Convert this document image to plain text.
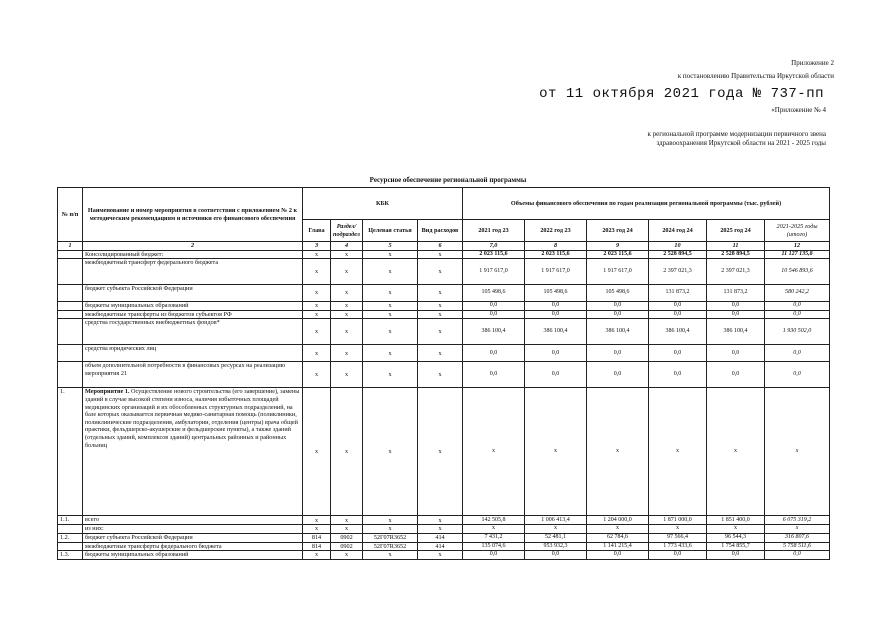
Приложение 2
к постановлению Правительства Иркутской области
от 11 октября 2021 года № 737-пп
«Приложение № 4
к региональной программе модернизации первичного звена здравоохранения Иркутской области на 2021 - 2025 годы
Ресурсное обеспечение региональной программы
№ п/п	Наименование и номер мероприятия в соответствии с приложением № 2 к методическим рекомендациям и источники его финансового обеспечения	КБК				Объемы финансового обеспечения по годам реализации региональной программы (тыс. рублей)					
		Глава	Раздел/ подраздел	Целевая статья	Вид расходов	2021 год 23	2022 год 23	2023 год 24	2024 год 24	2025 год 24	2021-2025 годы (итого)
1	2	3	4	5	6	7,0	8	9	10	11	12
	Консолидированный бюджет:	x	x	x	x	2 023 115,6	2 023 115,6	2 023 115,6	2 528 894,5	2 528 894,5	11 127 135,8
	межбюджетный трансферт федерального бюджета	x	x	x	x	1 917 617,0	1 917 617,0	1 917 617,0	2 397 021,3	2 397 021,3	10 546 893,6
	бюджет субъекта Российской Федерации	x	x	x	x	105 498,6	105 498,6	105 498,6	131 873,2	131 873,2	580 242,2
	бюджеты муниципальных образований	x	x	x	x	0,0	0,0	0,0	0,0	0,0	0,0
	межбюджетные трансферты из бюджетов субъектов РФ	x	x	x	x	0,0	0,0	0,0	0,0	0,0	0,0
	средства государственных внебюджетных фондов*	x	x	x	x	386 100,4	386 100,4	386 100,4	386 100,4	386 100,4	1 930 502,0
	средства юридических лиц	x	x	x	x	0,0	0,0	0,0	0,0	0,0	0,0
	объем дополнительной потребности в финансовых ресурсах на реализацию мероприятия 21	x	x	x	x	0,0	0,0	0,0	0,0	0,0	0,0
1.	Мероприятие 1. Осуществление нового строительства (его завершение), замены зданий в случае высокой степени износа, наличия избыточных площадей медицинских организаций и их обособленных структурных подразделений, на базе которых оказывается первичная медико-санитарная помощь (поликлиники, поликлинические подразделения, амбулатории, отделения (центры) врача общей практики, фельдшерско-акушерские и фельдшерские пункты), а также зданий (отдельных зданий, комплексов зданий) центральных районных и районных больниц	x	x	x	x	x	x	x	x	x	x
1.1.	всего	x	x	x	x	142 505,8	1 006 413,4	1 204 000,0	1 871 000,0	1 851 400,0	6 075 319,2
	из них:	x	x	x	x	x	x	x	x	x	x
1.2.	бюджет субъекта Российской Федерации	814	0902	52Г07R3652	414	7 431,2	52 481,1	62 784,6	97 566,4	96 544,3	316 807,6
	межбюджетные трансферты федерального бюджета	814	0902	52Г07R3652	414	135 074,6	953 932,3	1 141 215,4	1 773 433,6	1 754 855,7	5 758 511,6
1.3.	бюджеты муниципальных образований	x	x	x	x	0,0	0,0	0,0	0,0	0,0	0,0
